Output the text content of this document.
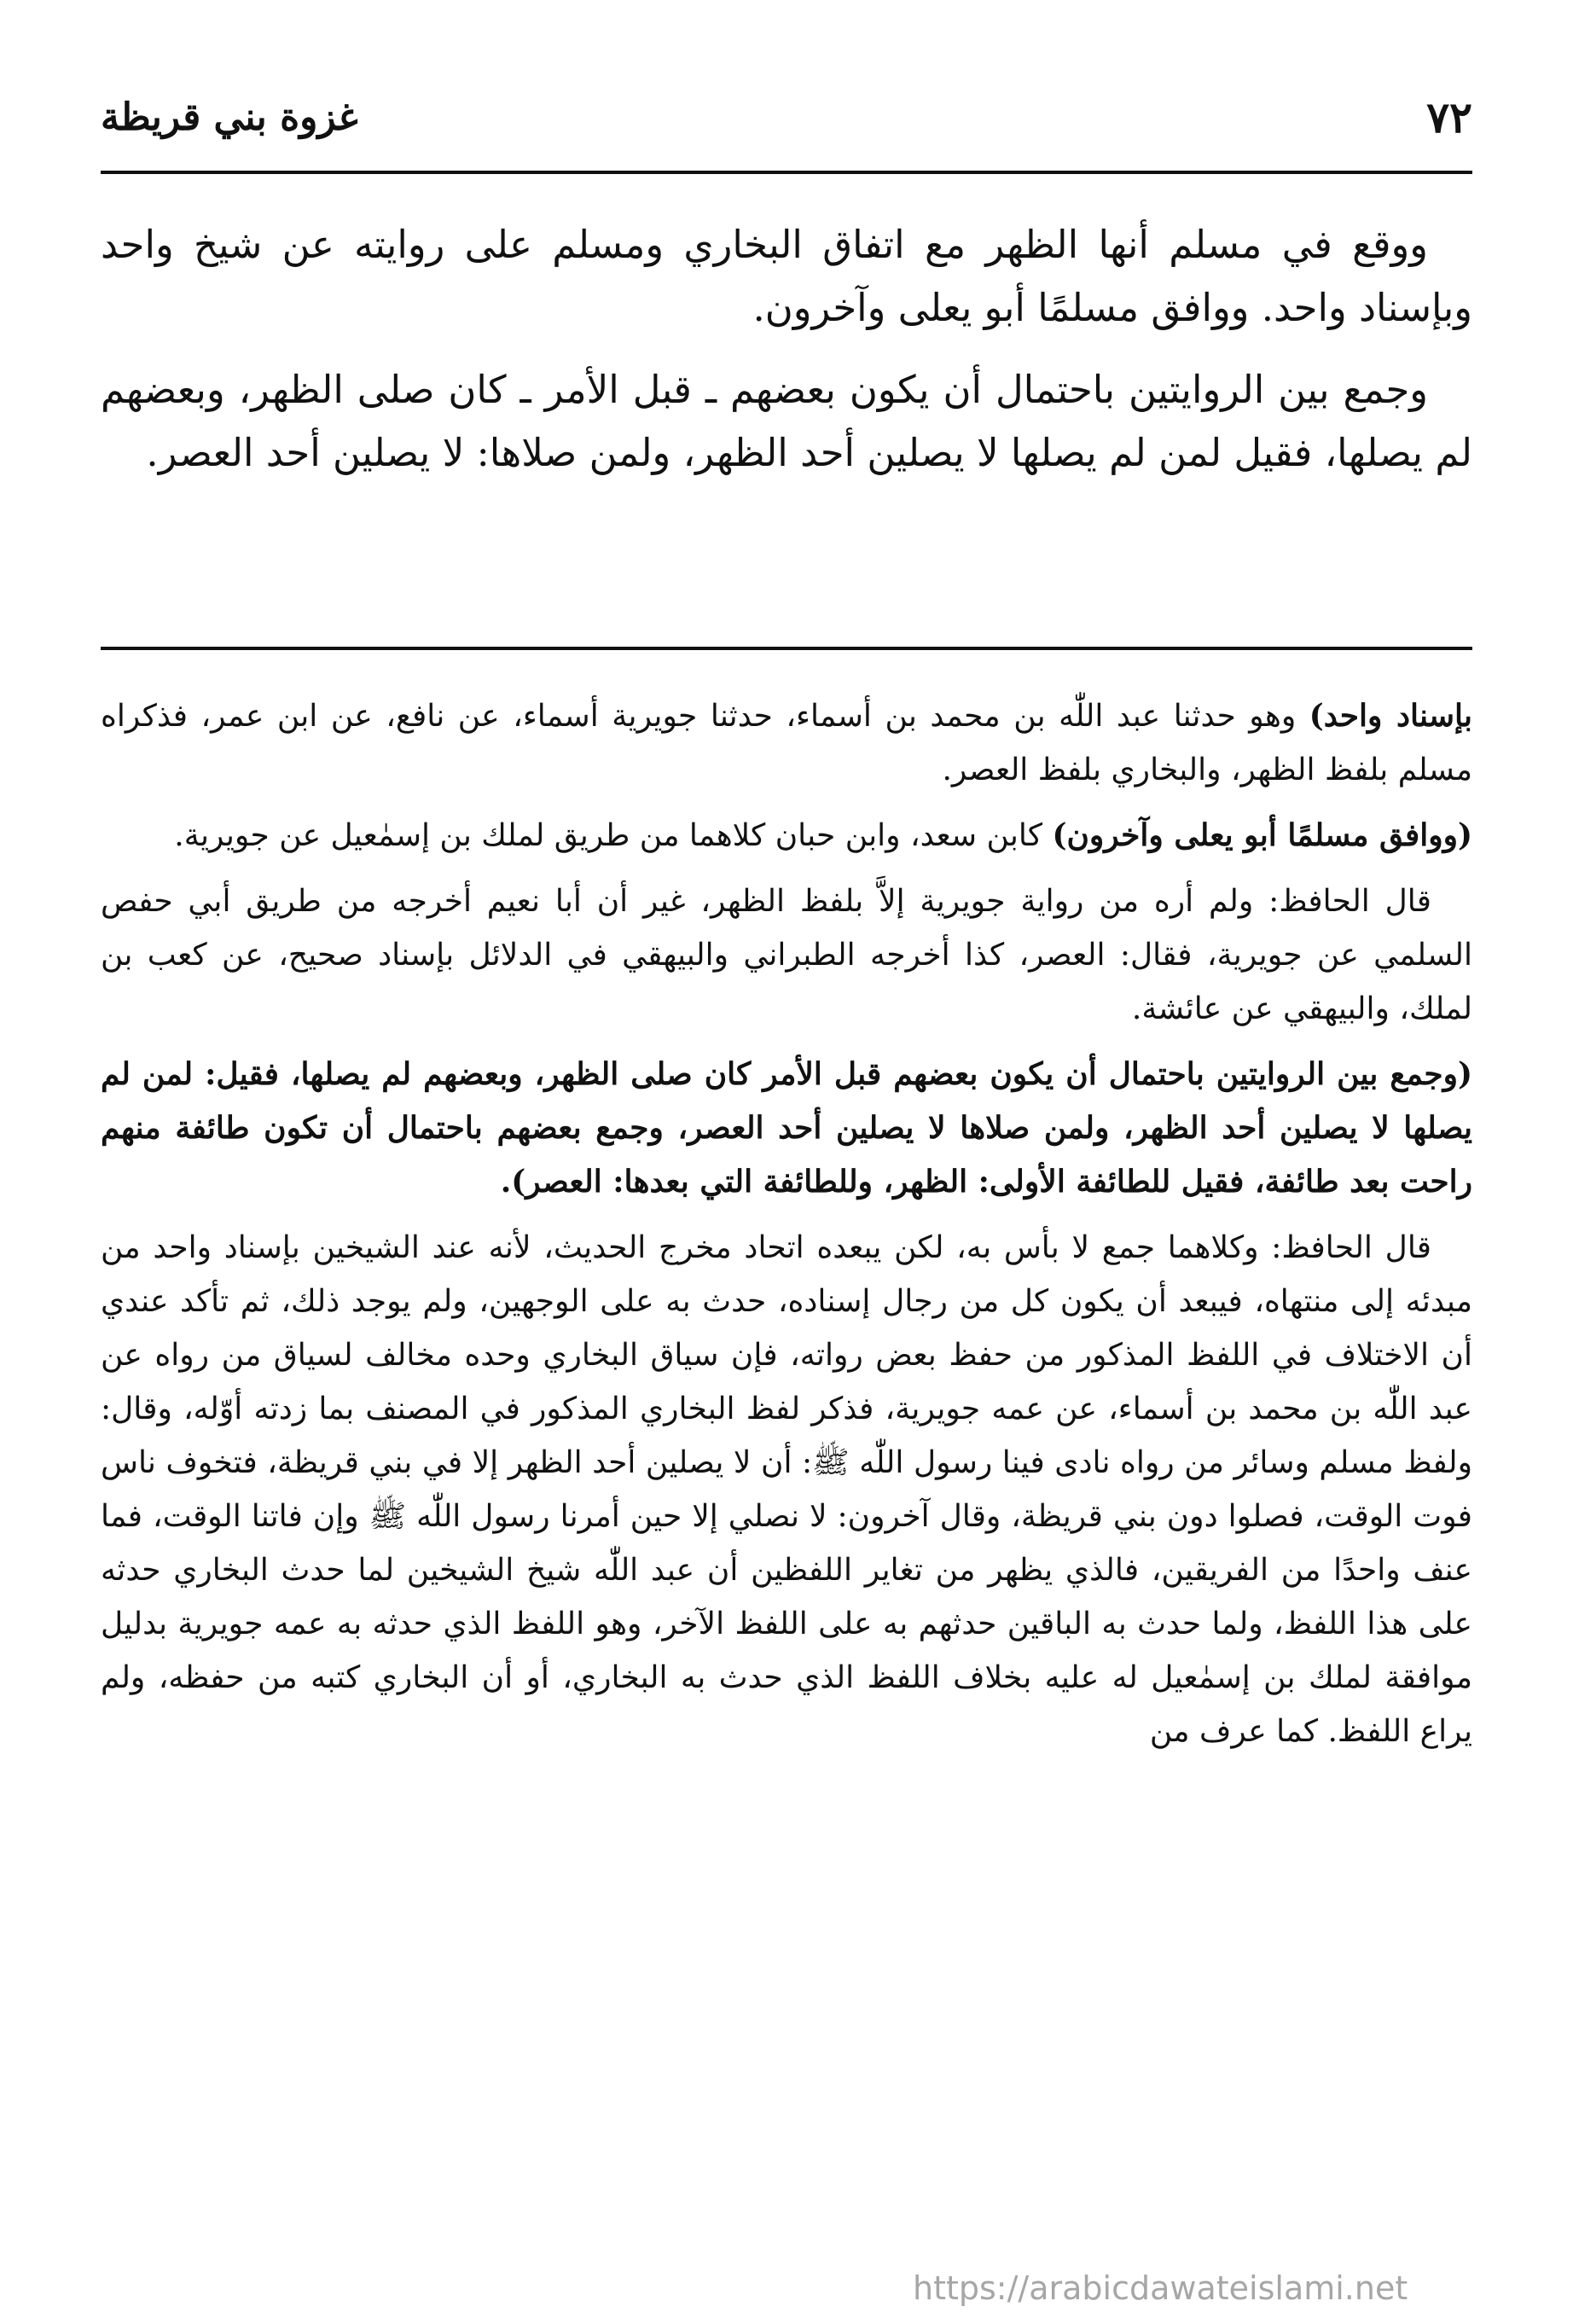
٧٢
غزوة بني قريظة

ووقع في مسلم أنها الظهر مع اتفاق البخاري ومسلم على روايته عن شيخ واحد وبإسناد واحد. ووافق مسلمًا أبو يعلى وآخرون.

وجمع بين الروايتين باحتمال أن يكون بعضهم ـ قبل الأمر ـ كان صلى الظهر، وبعضهم لم يصلها، فقيل لمن لم يصلها لا يصلين أحد الظهر، ولمن صلاها: لا يصلين أحد العصر.

بإسناد واحد) وهو حدثنا عبد اللّٰه بن محمد بن أسماء، حدثنا جويرية أسماء، عن نافع، عن ابن عمر، فذكراه مسلم بلفظ الظهر، والبخاري بلفظ العصر.

(ووافق مسلمًا أبو يعلى وآخرون) كابن سعد، وابن حبان كلاهما من طريق لملك بن إسمٰعيل عن جويرية.

قال الحافظ: ولم أره من رواية جويرية إلاَّ بلفظ الظهر، غير أن أبا نعيم أخرجه من طريق أبي حفص السلمي عن جويرية، فقال: العصر، كذا أخرجه الطبراني والبيهقي في الدلائل بإسناد صحيح، عن كعب بن لملك، والبيهقي عن عائشة.

(وجمع بين الروايتين باحتمال أن يكون بعضهم قبل الأمر كان صلى الظهر، وبعضهم لم يصلها، فقيل: لمن لم يصلها لا يصلين أحد الظهر، ولمن صلاها لا يصلين أحد العصر، وجمع بعضهم باحتمال أن تكون طائفة منهم راحت بعد طائفة، فقيل للطائفة الأولى: الظهر، وللطائفة التي بعدها: العصر).

قال الحافظ: وكلاهما جمع لا بأس به، لكن يبعده اتحاد مخرج الحديث، لأنه عند الشيخين بإسناد واحد من مبدئه إلى منتهاه، فيبعد أن يكون كل من رجال إسناده، حدث به على الوجهين، ولم يوجد ذلك، ثم تأكد عندي أن الاختلاف في اللفظ المذكور من حفظ بعض رواته، فإن سياق البخاري وحده مخالف لسياق من رواه عن عبد اللّٰه بن محمد بن أسماء، عن عمه جويرية، فذكر لفظ البخاري المذكور في المصنف بما زدته أوّله، وقال: ولفظ مسلم وسائر من رواه نادى فينا رسول اللّٰه ﷺ: أن لا يصلين أحد الظهر إلا في بني قريظة، فتخوف ناس فوت الوقت، فصلوا دون بني قريظة، وقال آخرون: لا نصلي إلا حين أمرنا رسول اللّٰه ﷺ وإن فاتنا الوقت، فما عنف واحدًا من الفريقين، فالذي يظهر من تغاير اللفظين أن عبد اللّٰه شيخ الشيخين لما حدث البخاري حدثه على هذا اللفظ، ولما حدث به الباقين حدثهم به على اللفظ الآخر، وهو اللفظ الذي حدثه به عمه جويرية بدليل موافقة لملك بن إسمٰعيل له عليه بخلاف اللفظ الذي حدث به البخاري، أو أن البخاري كتبه من حفظه، ولم يراع اللفظ. كما عرف من

https://arabicdawateislami.net
